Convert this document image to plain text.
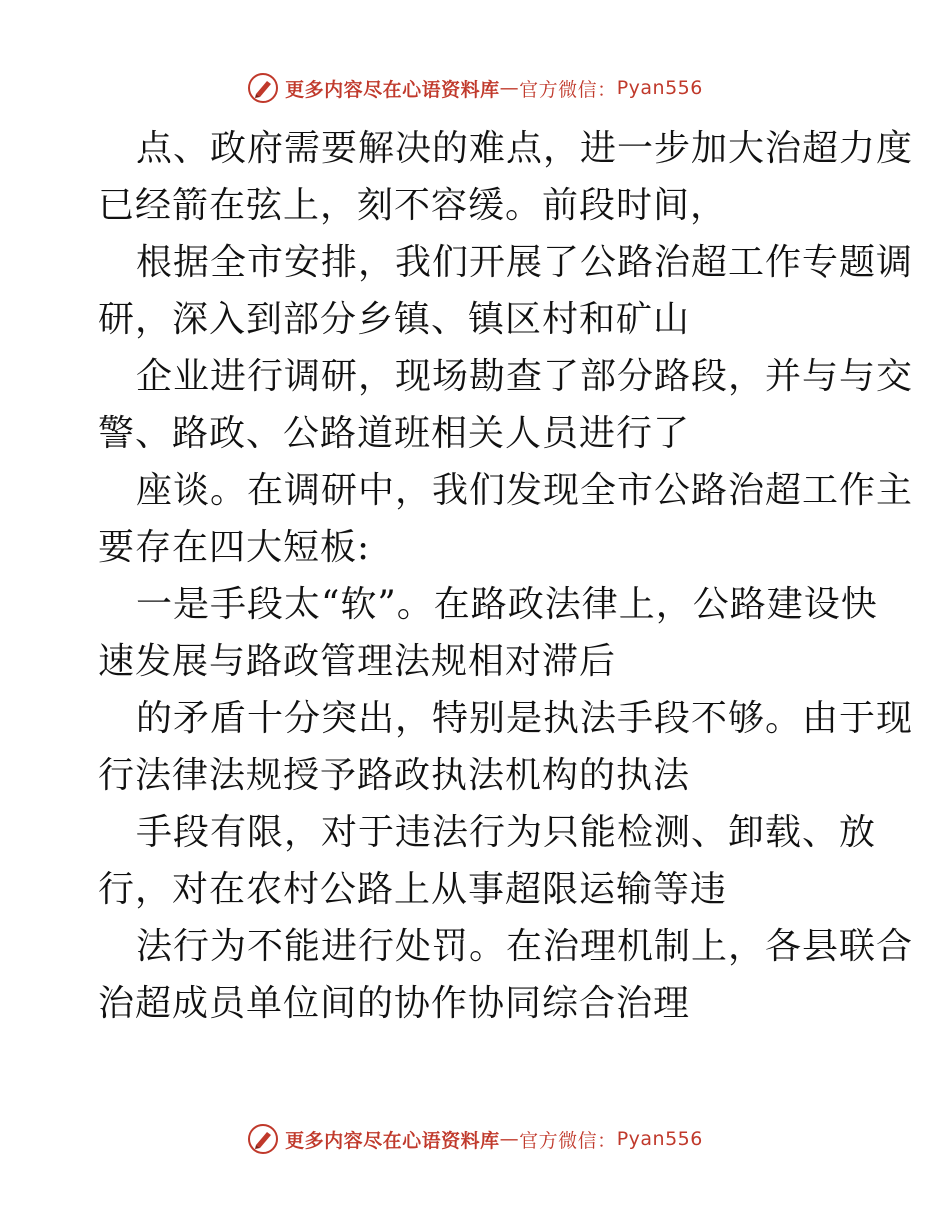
更多内容尽在心语资料库 — 官方微信： Pyan556
点、政府需要解决的难点，进一步加大治超力度
已经箭在弦上，刻不容缓。前段时间，
根据全市安排，我们开展了公路治超工作专题调
研，深入到部分乡镇、镇区村和矿山
企业进行调研，现场勘查了部分路段，并与与交
警、路政、公路道班相关人员进行了
座谈。在调研中，我们发现全市公路治超工作主
要存在四大短板:
一是手段太“软”。在路政法律上，公路建设快
速发展与路政管理法规相对滞后
的矛盾十分突出，特别是执法手段不够。由于现
行法律法规授予路政执法机构的执法
手段有限，对于违法行为只能检测、卸载、放
行，对在农村公路上从事超限运输等违
法行为不能进行处罚。在治理机制上，各县联合
治超成员单位间的协作协同综合治理
更多内容尽在心语资料库 — 官方微信： Pyan556
